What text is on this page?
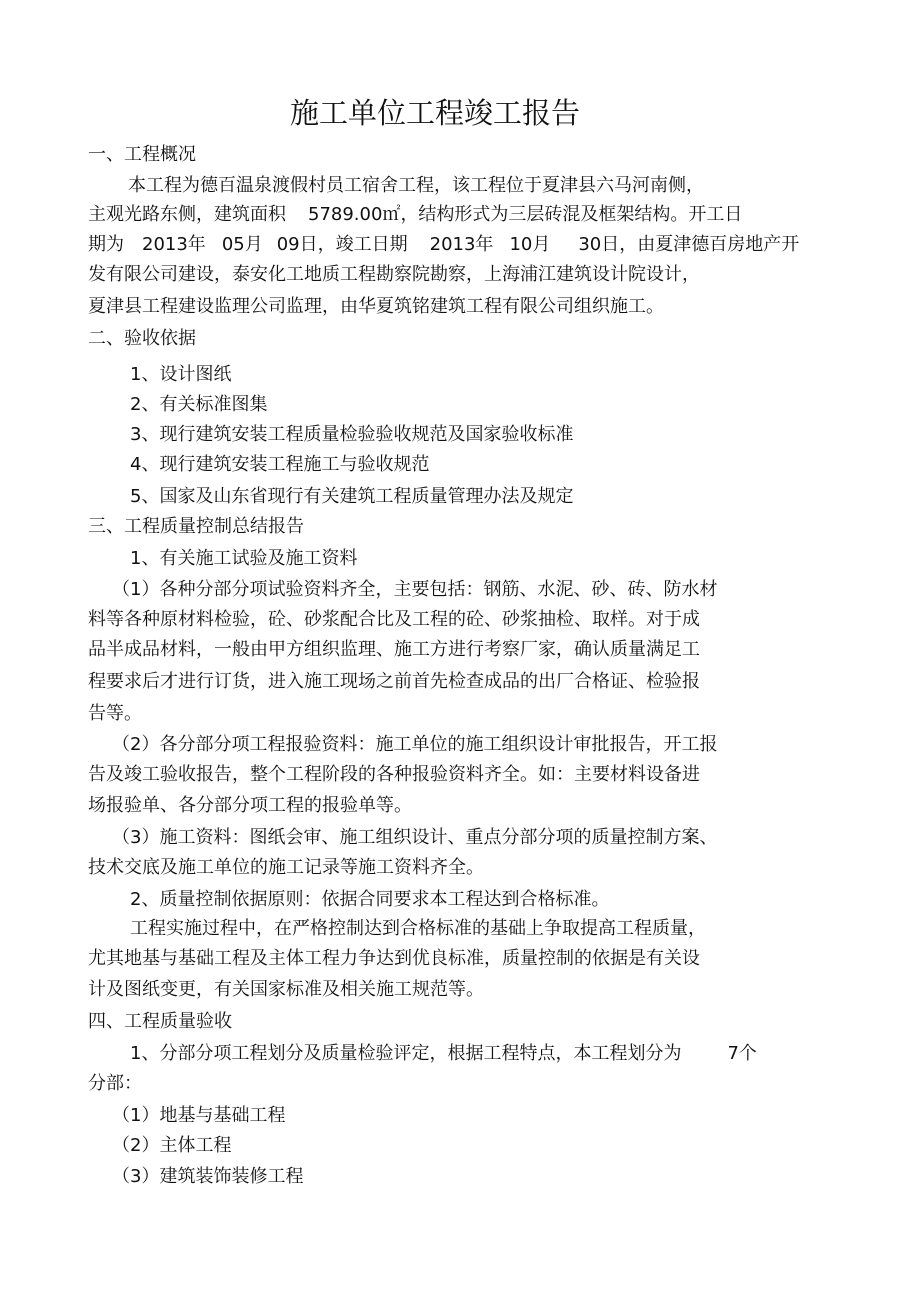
施工单位工程竣工报告
一、工程概况
本工程为德百温泉渡假村员工宿舍工程，该工程位于夏津县六马河南侧，
主观光路东侧，建筑面积 5789.00㎡，结构形式为三层砖混及框架结构。开工日
期为 2013年 05月 09日，竣工日期 2013年 10月 30日，由夏津德百房地产开
发有限公司建设，泰安化工地质工程勘察院勘察，上海浦江建筑设计院设计，
夏津县工程建设监理公司监理，由华夏筑铭建筑工程有限公司组织施工。
二、验收依据
1、设计图纸
2、有关标准图集
3、现行建筑安装工程质量检验验收规范及国家验收标准
4、现行建筑安装工程施工与验收规范
5、国家及山东省现行有关建筑工程质量管理办法及规定
三、工程质量控制总结报告
1、有关施工试验及施工资料
（1）各种分部分项试验资料齐全，主要包括：钢筋、水泥、砂、砖、防水材
料等各种原材料检验，砼、砂浆配合比及工程的砼、砂浆抽检、取样。对于成
品半成品材料，一般由甲方组织监理、施工方进行考察厂家，确认质量满足工
程要求后才进行订货，进入施工现场之前首先检查成品的出厂合格证、检验报
告等。
（2）各分部分项工程报验资料：施工单位的施工组织设计审批报告，开工报
告及竣工验收报告，整个工程阶段的各种报验资料齐全。如：主要材料设备进
场报验单、各分部分项工程的报验单等。
（3）施工资料：图纸会审、施工组织设计、重点分部分项的质量控制方案、
技术交底及施工单位的施工记录等施工资料齐全。
2、质量控制依据原则：依据合同要求本工程达到合格标准。
工程实施过程中，在严格控制达到合格标准的基础上争取提高工程质量，
尤其地基与基础工程及主体工程力争达到优良标准，质量控制的依据是有关设
计及图纸变更，有关国家标准及相关施工规范等。
四、工程质量验收
1、分部分项工程划分及质量检验评定，根据工程特点，本工程划分为	7个
分部：
（1）地基与基础工程
（2）主体工程
（3）建筑装饰装修工程
